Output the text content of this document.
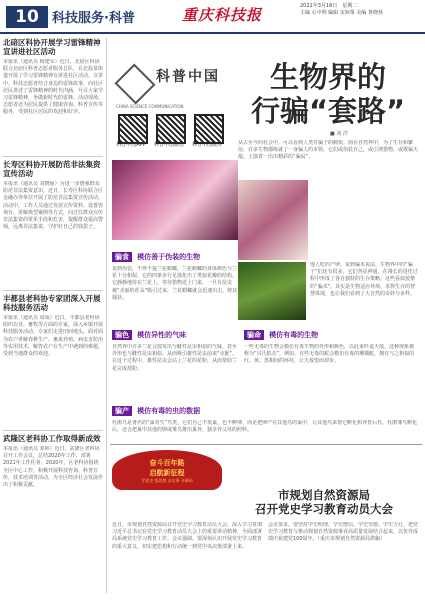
10	科技服务·科普	重庆科技报	2021年3月16日　星期二
主编 石中帅 编辑 宋海粟 美编 鲁晓林
北碚区科协开展学习雷锋精神宣讲进社区活动
本报讯（通讯员 杨建军）近日，北碚区科协联合北碚区科普志愿者服务总队，在北温泉街道开展了学习雷锋精神宣讲进社区活动。宣讲中，科技志愿者结合身边的雷锋故事，向社区居民讲述了雷锋精神的时代内涵，号召大家学习雷锋精神，争做新时代的雷锋。活动现场，志愿者还为居民提供了健康咨询、科普宣传等服务，受到社区居民的欢迎和好评。
长寿区科协开展防范非法集资宣传活动
本报讯（通讯员 刘晓丽）为进一步增强群众防范非法集资意识，近日，长寿区科协联合区金融办等单位开展了防范非法集资宣传活动。活动中，工作人员通过发放宣传资料、设置咨询台、讲解典型案例等方式，向过往群众宣传非法集资的常见手段和危害，提醒群众提高警惕，远离非法集资，守护好自己的钱袋子。
丰都县老科协专家团深入开展科技服务活动
本报讯（通讯员 周成）近日，丰都县老科协组织农业、畜牧等方面的专家，深入乡镇开展科技服务活动。专家们走进田间地头，面对面为农户讲解春耕生产、畜禽养殖、病虫害防治等实用技术，解答农户在生产中遇到的难题，受到当地群众的欢迎。
武隆区老科协工作取得新成效
本报讯（通讯员 邓婷）近日，武隆区老科协召开工作会议，总结2020年工作，部署2021年工作任务。2020年，区老科协围绕全区中心工作，积极开展科技咨询、科普宣传、技术培训等活动，为全区经济社会发展作出了积极贡献。
科普中国
CHINA SCIENCE COMMUNICATION
科普中国APP	科普中国微信	科普中国微博
生物界的
行骗“套路”
■ 刘 洋
从古至今的社会中，可以看到人类对骗子的痛恨。而在自然界中，为了生存和繁衍，许多生物都练就了一身骗人的本领，它们或伪装自己，或引诱猎物，或欺骗天敌，上演着一出出精彩的“骗局”。
骗食 模仿善于伪装的生物
说到伪装，不得不提兰花螳螂。兰花螳螂的身体颜色与兰花十分相似，它的四条步行足演化出了类似花瓣的结构，它静静地待在兰花上，等待猎物送上门来，一旦有昆虫被“美丽的花朵”吸引过来，兰花螳螂就会迅速出击，将其捕获。
他人吃的产卵，说到骗术说法。生物界中的“骗子”们还有很多，它们各显神通，在漫长的进化过程中形成了各自独特的生存策略。这些看似狡猾的“骗术”，其实是生物适应环境、求得生存的智慧体现，也让我们看到了大自然的奇妙与多样。
骗色 模仿异性的气味
自然界中许多兰花会散发出与雌性昆虫相似的气味，甚至外形也与雌性昆虫相似，从而吸引雄性昆虫前来“交配”，在这个过程中，雄性昆虫会沾上兰花的花粉，从而帮助兰花完成授粉。
骗命 模仿有毒的生物
一些无毒的生物会模仿有毒生物的外形和颜色，以此来吓退天敌。这种现象被称为“贝氏拟态”。例如，有些无毒的蛇会模仿有毒的珊瑚蛇，拥有与之相似的红、黄、黑相间的环纹，让天敌望而却步。
骗产 模仿有毒的虫的数据
杜鹃鸟是著名的“巢寄生”鸟类。它们自己不筑巢，也不孵卵，而是把卵产在其他鸟的巢中，让其他鸟来帮它孵化和养育后代。杜鹃雏鸟孵化后，还会把巢中其他的卵或雏鸟推出巢外，独享养父母的照料。
奋斗百年路
启航新征程
学党史 悟思想 办实事 开新局
市规划自然资源局
召开党史学习教育动员大会
近日，市规划自然资源局召开党史学习教育动员大会，深入学习贯彻习近平总书记在党史学习教育动员大会上的重要讲话精神，全面部署局系统党史学习教育工作。会议强调，要深刻认识开展党史学习教育的重大意义，切实把思想和行动统一到党中央决策部署上来。
会议要求，要坚持学史明理、学史增信、学史崇德、学史力行，把党史学习教育与推动规划自然资源事业高质量发展结合起来，以优异成绩庆祝建党100周年。（重庆市规划自然资源局供稿）
